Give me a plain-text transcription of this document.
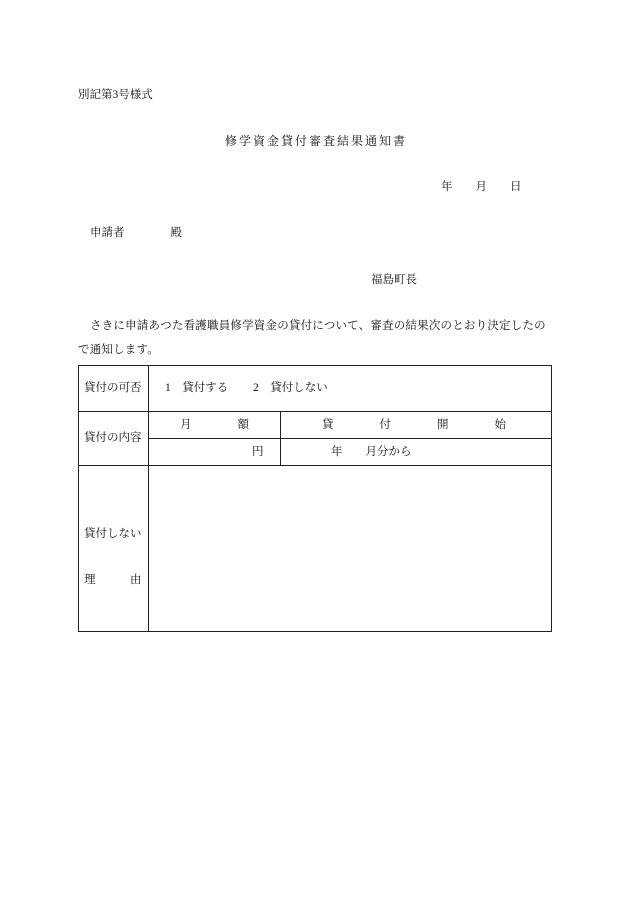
別記第3号様式
修学資金貸付審査結果通知書
年　　月　　日
申請者　　　　殿
福島町長
さきに申請あつた看護職員修学資金の貸付について、審査の結果次のとおり決定したの
で通知します。
貸付の可否 1　貸付する 2　貸付しない
貸付の内容
月　　　　額	貸　　　　付　　　　開　　　　始
円	年　　月分から
貸付しない
理　　　由
